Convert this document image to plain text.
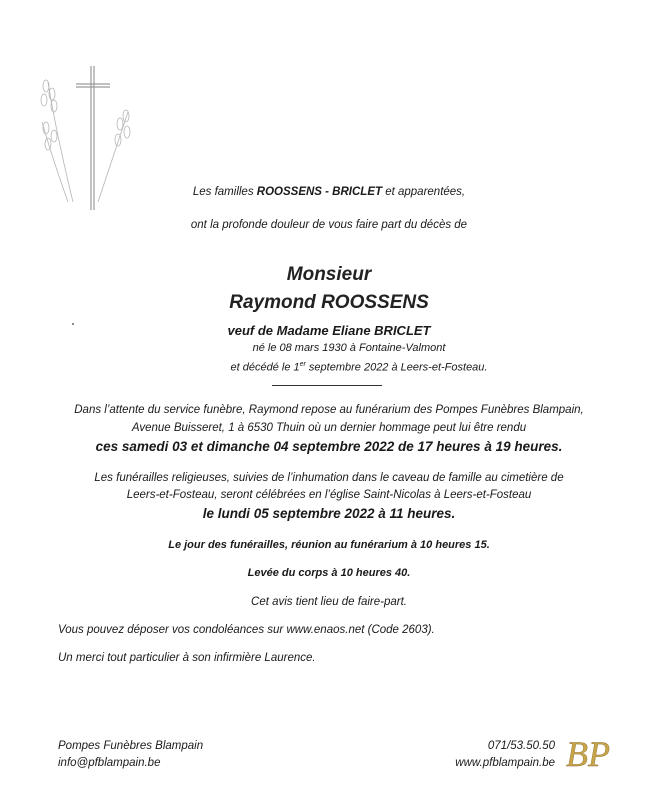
Les familles ROOSSENS - BRICLET et apparentées,
ont la profonde douleur de vous faire part du décès de
Monsieur
Raymond ROOSSENS
veuf de Madame Eliane BRICLET
né le 08 mars 1930 à Fontaine-Valmont
et décédé le 1er septembre 2022 à Leers-et-Fosteau.
Dans l’attente du service funèbre, Raymond repose au funérarium des Pompes Funèbres Blampain,
Avenue Buisseret, 1 à 6530 Thuin où un dernier hommage peut lui être rendu
ces samedi 03 et dimanche 04 septembre 2022 de 17 heures à 19 heures.
Les funérailles religieuses, suivies de l’inhumation dans le caveau de famille au cimetière de
Leers-et-Fosteau, seront célébrées en l’église Saint-Nicolas à Leers-et-Fosteau
le lundi 05 septembre 2022 à 11 heures.
Le jour des funérailles, réunion au funérarium à 10 heures 15.
Levée du corps à 10 heures 40.
Cet avis tient lieu de faire-part.
Vous pouvez déposer vos condoléances sur www.enaos.net (Code 2603).
Un merci tout particulier à son infirmière Laurence.
Pompes Funèbres Blampain
info@pfblampain.be
071/53.50.50
www.pfblampain.be BP
